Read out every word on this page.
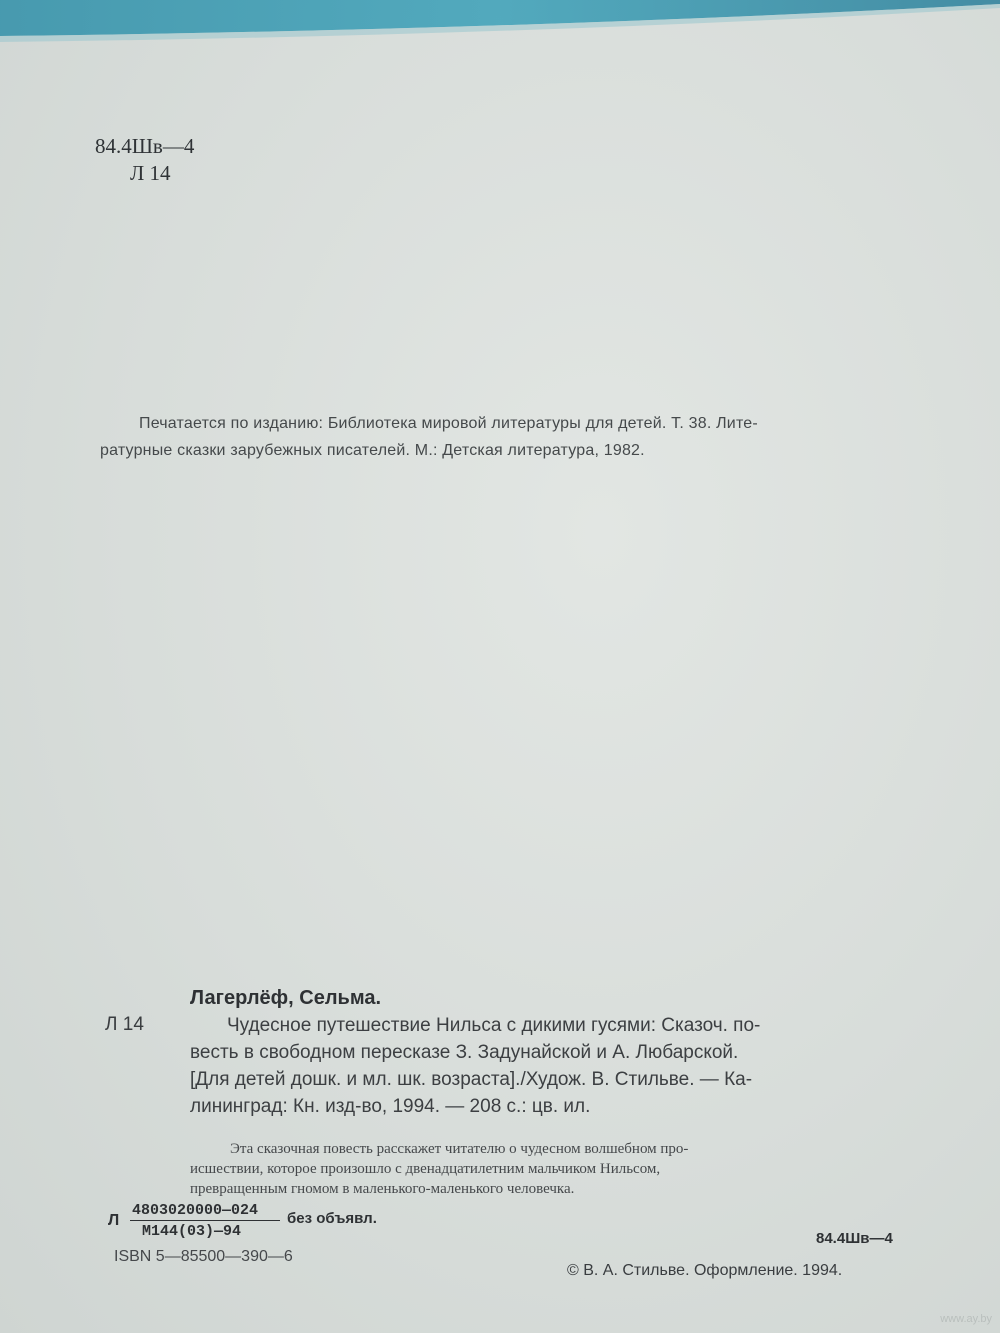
84.4Шв—4
Л 14
Печатается по изданию: Библиотека мировой литературы для детей. Т. 38. Лите-
ратурные сказки зарубежных писателей. М.: Детская литература, 1982.
Лагерлёф, Сельма.
Л 14	Чудесное путешествие Нильса с дикими гусями: Сказоч. по-
весть в свободном пересказе З. Задунайской и А. Любарской.
[Для детей дошк. и мл. шк. возраста]./Худож. В. Стильве. — Ка-
лининград: Кн. изд-во, 1994. — 208 с.: цв. ил.
Эта сказочная повесть расскажет читателю о чудесном волшебном про-
исшествии, которое произошло с двенадцатилетним мальчиком Нильсом,
превращенным гномом в маленького-маленького человечка.
Л
4803020000—024
М144(03)—94
без объявл.
ISBN 5—85500—390—6
84.4Шв—4
© В. А. Стильве. Оформление. 1994.
www.ay.by
